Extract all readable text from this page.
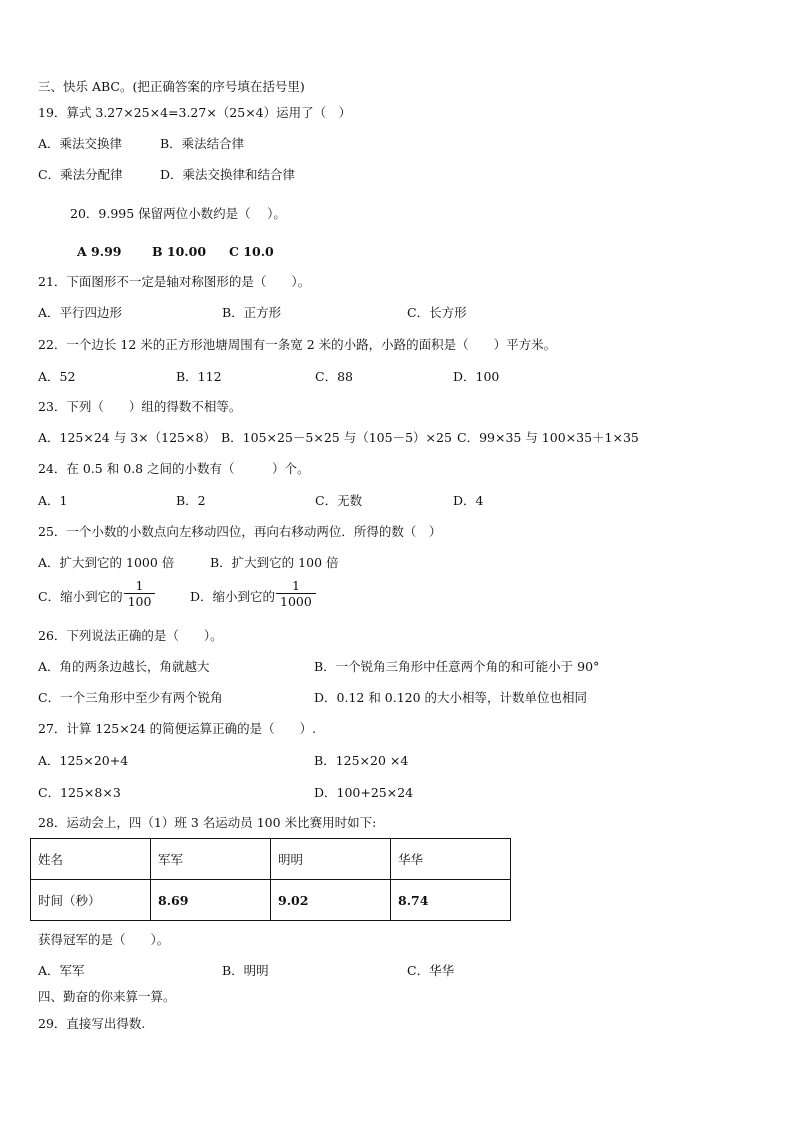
三、快乐 ABC。(把正确答案的序号填在括号里)
19．算式 3.27×25×4=3.27×（25×4）运用了（　）
A．乘法交换律	B．乘法结合律
C．乘法分配律	D．乘法交换律和结合律
20．9.995 保留两位小数约是（　 ）。
A 9.99 B 10.00 C 10.0
21．下面图形不一定是轴对称图形的是（　　）。
A．平行四边形	B．正方形	C．长方形
22．一个边长 12 米的正方形池塘周围有一条宽 2 米的小路，小路的面积是（　　）平方米。
A．52	B．112	C．88	D．100
23．下列（　　）组的得数不相等。
A．125×24 与 3×（125×8） B．105×25－5×25 与（105－5）×25 C．99×35 与 100×35＋1×35
24．在 0.5 和 0.8 之间的小数有（　　　）个。
A．1	B．2	C．无数	D．4
25．一个小数的小数点向左移动四位，再向右移动两位．所得的数（　）
A．扩大到它的 1000 倍	B．扩大到它的 100 倍
C．缩小到它的 $\frac{1}{100}$	D．缩小到它的 $\frac{1}{1000}$
26．下列说法正确的是（　　）。
A．角的两条边越长，角就越大	B．一个锐角三角形中任意两个角的和可能小于 90°
C．一个三角形中至少有两个锐角	D．0.12 和 0.120 的大小相等，计数单位也相同
27．计算 125×24 的简便运算正确的是（　　）.
A．125×20+4	B．125×20 ×4
C．125×8×3	D．100+25×24
28．运动会上，四（1）班 3 名运动员 100 米比赛用时如下:
姓名	军军	明明	华华
时间（秒）	8.69	9.02	8.74
获得冠军的是（　　）。
A．军军	B．明明	C．华华
四、勤奋的你来算一算。
29．直接写出得数.
